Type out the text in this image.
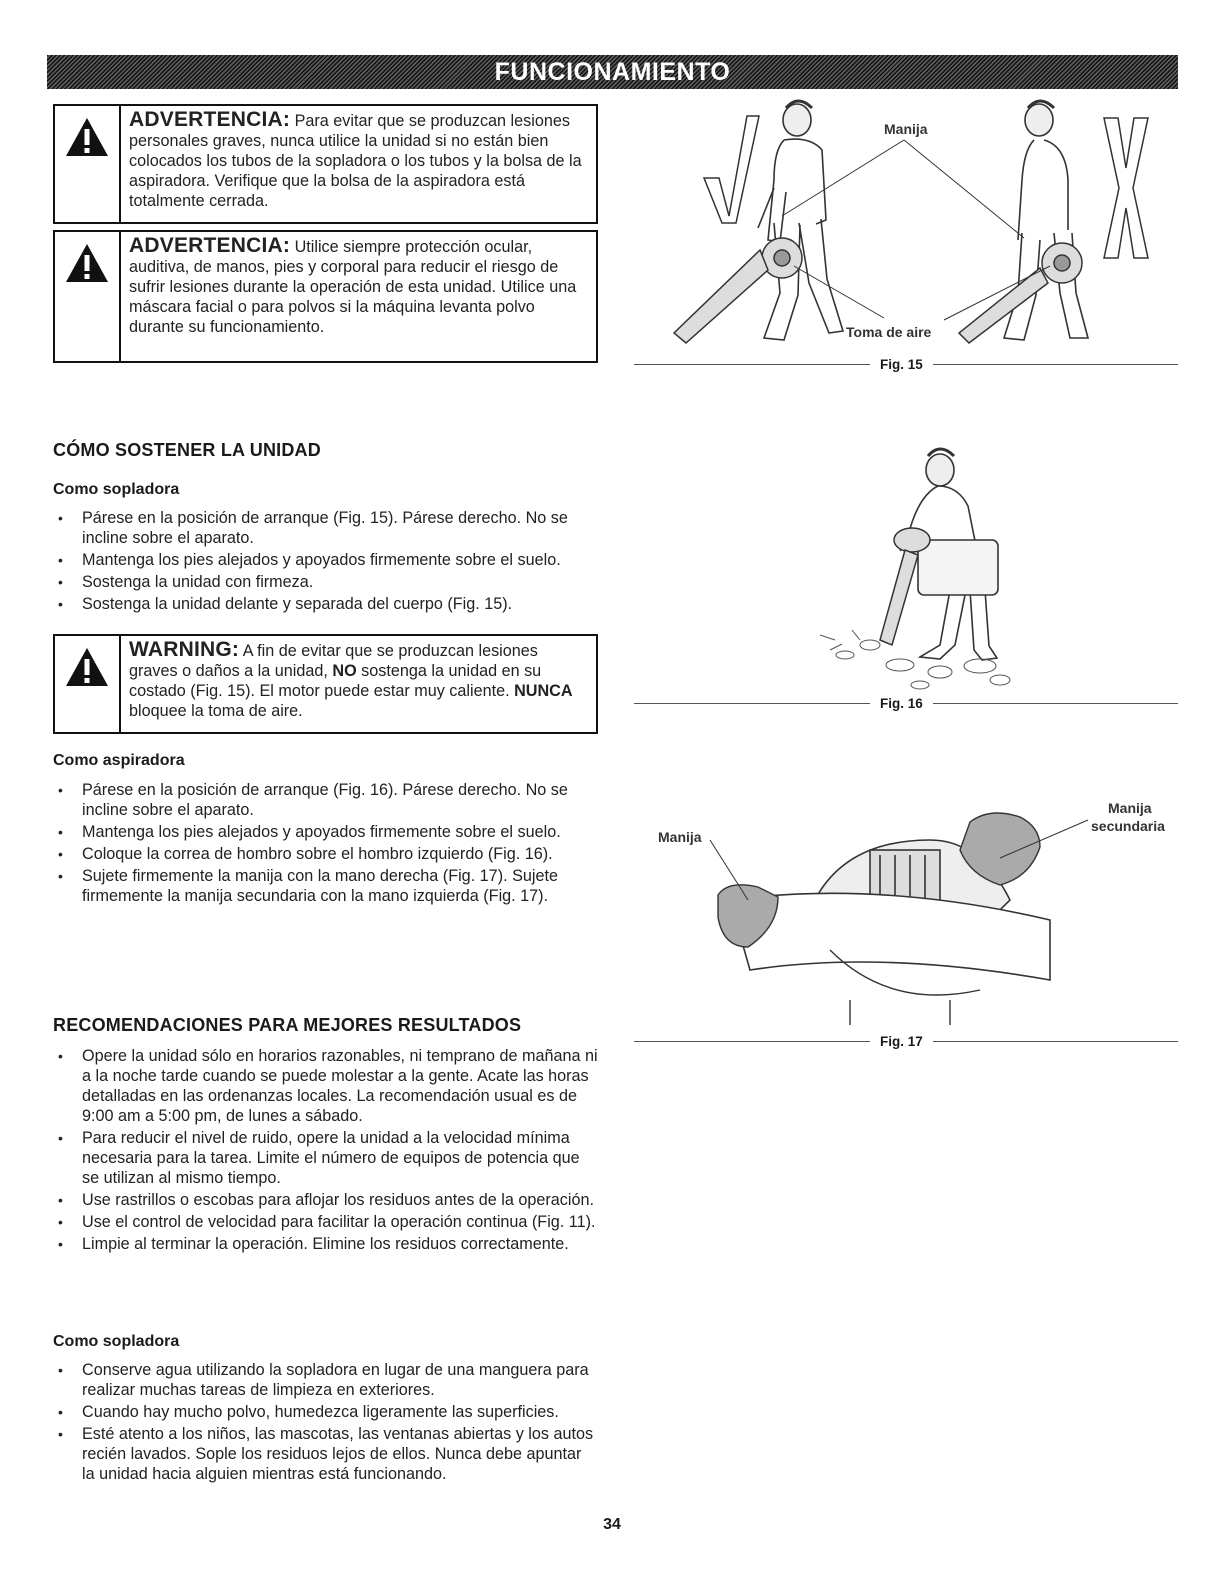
FUNCIONAMIENTO
ADVERTENCIA: Para evitar que se produzcan lesiones personales graves, nunca utilice la unidad si no están bien colocados los tubos de la sopladora o los tubos y la bolsa de la aspiradora. Verifique que la bolsa de la aspiradora está totalmente cerrada.
ADVERTENCIA: Utilice siempre protección ocular, auditiva, de manos, pies y corporal para reducir el riesgo de sufrir lesiones durante la operación de esta unidad. Utilice una máscara facial o para polvos si la máquina levanta polvo durante su funcionamiento.
CÓMO SOSTENER LA UNIDAD
Como sopladora
• Párese en la posición de arranque (Fig. 15). Párese derecho. No se incline sobre el aparato.
• Mantenga los pies alejados y apoyados firmemente sobre el suelo.
• Sostenga la unidad con firmeza.
• Sostenga la unidad delante y separada del cuerpo (Fig. 15).
WARNING: A fin de evitar que se produzcan lesiones graves o daños a la unidad, NO sostenga la unidad en su costado (Fig. 15). El motor puede estar muy caliente. NUNCA bloquee la toma de aire.
Como aspiradora
• Párese en la posición de arranque (Fig. 16). Párese derecho. No se incline sobre el aparato.
• Mantenga los pies alejados y apoyados firmemente sobre el suelo.
• Coloque la correa de hombro sobre el hombro izquierdo (Fig. 16).
• Sujete firmemente la manija con la mano derecha (Fig. 17). Sujete firmemente la manija secundaria con la mano izquierda (Fig. 17).
RECOMENDACIONES PARA MEJORES RESULTADOS
• Opere la unidad sólo en horarios razonables, ni temprano de mañana ni a la noche tarde cuando se puede molestar a la gente. Acate las horas detalladas en las ordenanzas locales. La recomendación usual es de 9:00 am a 5:00 pm, de lunes a sábado.
• Para reducir el nivel de ruido, opere la unidad a la velocidad mínima necesaria para la tarea. Limite el número de equipos de potencia que se utilizan al mismo tiempo.
• Use rastrillos o escobas para aflojar los residuos antes de la operación.
• Use el control de velocidad para facilitar la operación continua (Fig. 11).
• Limpie al terminar la operación. Elimine los residuos correctamente.
Como sopladora
• Conserve agua utilizando la sopladora en lugar de una manguera para realizar muchas tareas de limpieza en exteriores.
• Cuando hay mucho polvo, humedezca ligeramente las superficies.
• Esté atento a los niños, las mascotas, las ventanas abiertas y los autos recién lavados. Sople los residuos lejos de ellos. Nunca debe apuntar la unidad hacia alguien mientras está funcionando.
Manija
Toma de aire
Fig. 15
Fig. 16
Manija
Manija
secundaria
Fig. 17
34
